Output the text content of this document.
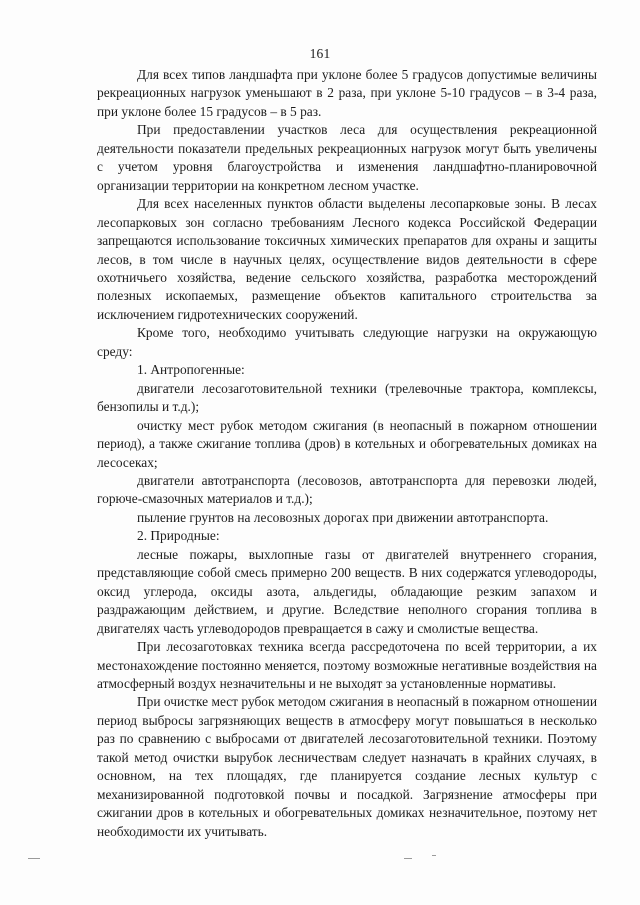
161

Для всех типов ландшафта при уклоне более 5 градусов допустимые величины рекреационных нагрузок уменьшают в 2 раза, при уклоне 5-10 градусов – в 3-4 раза, при уклоне более 15 градусов – в 5 раз.

При предоставлении участков леса для осуществления рекреационной деятельности показатели предельных рекреационных нагрузок могут быть увеличены с учетом уровня благоустройства и изменения ландшафтно-планировочной организации территории на конкретном лесном участке.

Для всех населенных пунктов области выделены лесопарковые зоны. В лесах лесопарковых зон согласно требованиям Лесного кодекса Российской Федерации запрещаются использование токсичных химических препаратов для охраны и защиты лесов, в том числе в научных целях, осуществление видов деятельности в сфере охотничьего хозяйства, ведение сельского хозяйства, разработка месторождений полезных ископаемых, размещение объектов капитального строительства за исключением гидротехнических сооружений.

Кроме того, необходимо учитывать следующие нагрузки на окружающую среду:

1. Антропогенные:

двигатели лесозаготовительной техники (трелевочные трактора, комплексы, бензопилы и т.д.);

очистку мест рубок методом сжигания (в неопасный в пожарном отношении период), а также сжигание топлива (дров) в котельных и обогревательных домиках на лесосеках;

двигатели автотранспорта (лесовозов, автотранспорта для перевозки людей, горюче-смазочных материалов и т.д.);

пыление грунтов на лесовозных дорогах при движении автотранспорта.

2. Природные:

лесные пожары, выхлопные газы от двигателей внутреннего сгорания, представляющие собой смесь примерно 200 веществ. В них содержатся углеводороды, оксид углерода, оксиды азота, альдегиды, обладающие резким запахом и раздражающим действием, и другие. Вследствие неполного сгорания топлива в двигателях часть углеводородов превращается в сажу и смолистые вещества.

При лесозаготовках техника всегда рассредоточена по всей территории, а их местонахождение постоянно меняется, поэтому возможные негативные воздействия на атмосферный воздух незначительны и не выходят за установленные нормативы.

При очистке мест рубок методом сжигания в неопасный в пожарном отношении период выбросы загрязняющих веществ в атмосферу могут повышаться в несколько раз по сравнению с выбросами от двигателей лесозаготовительной техники. Поэтому такой метод очистки вырубок лесничествам следует назначать в крайних случаях, в основном, на тех площадях, где планируется создание лесных культур с механизированной подготовкой почвы и посадкой. Загрязнение атмосферы при сжигании дров в котельных и обогревательных домиках незначительное, поэтому нет необходимости их учитывать.
